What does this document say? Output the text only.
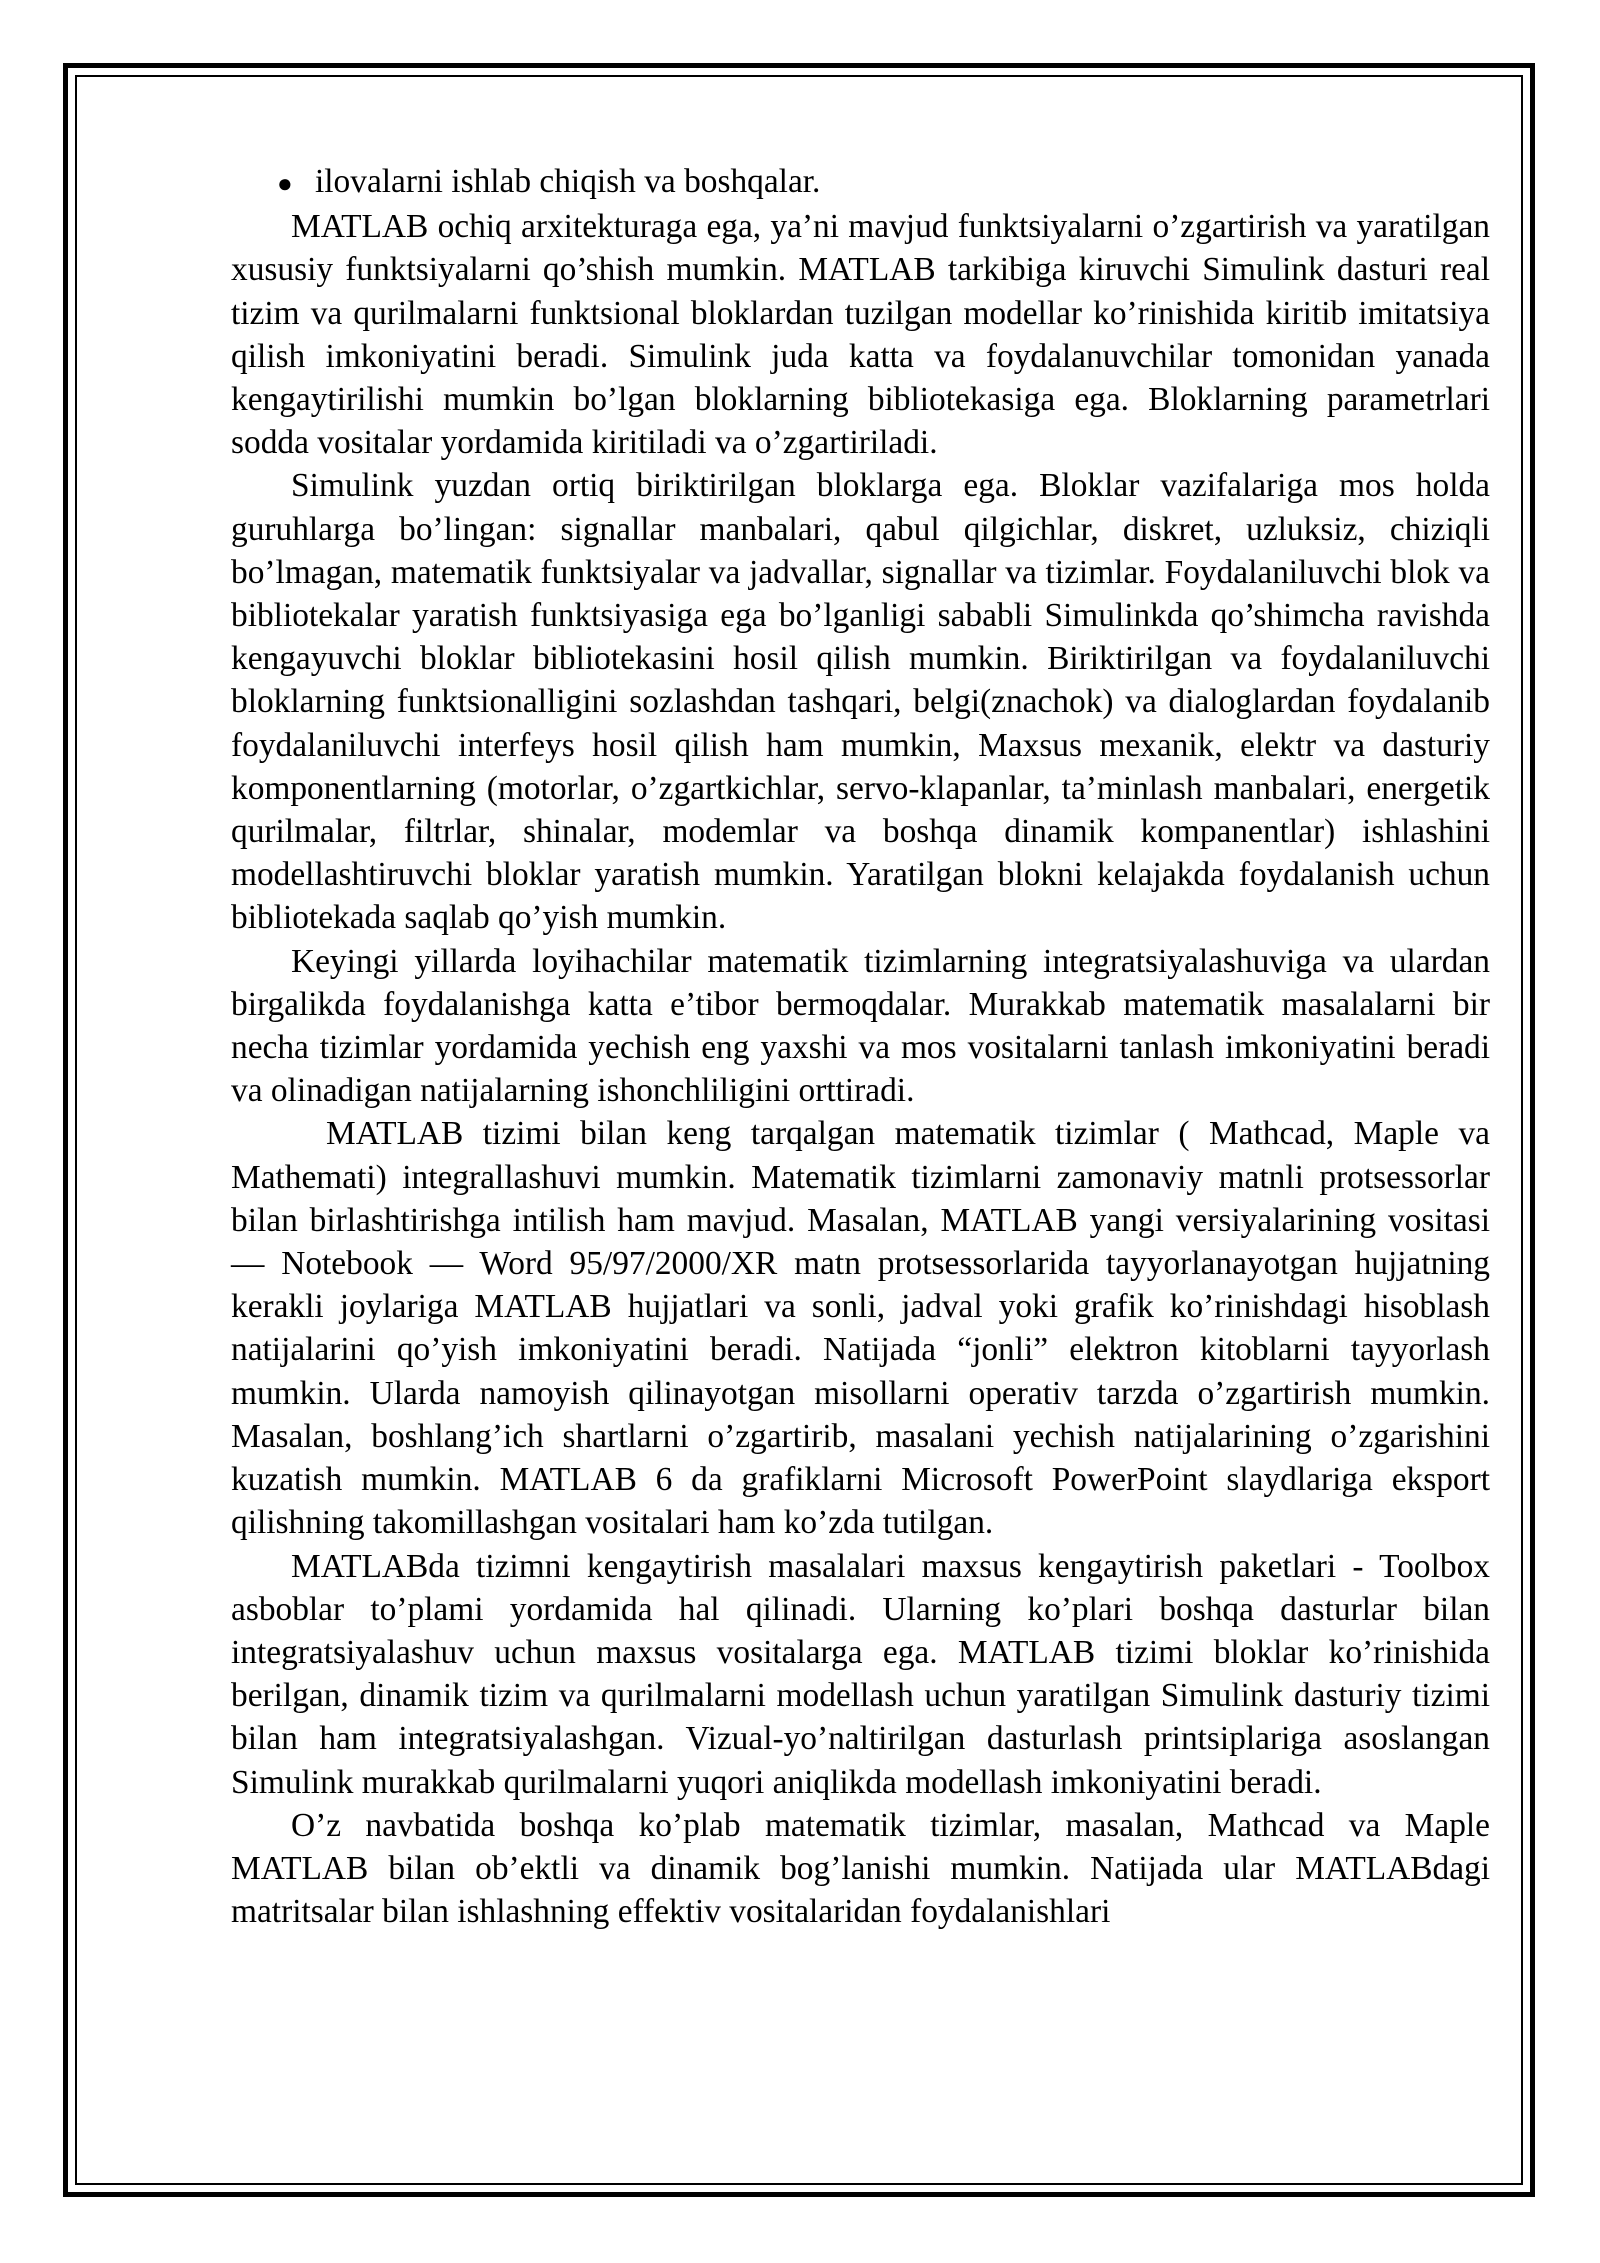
● ilovalarni ishlab chiqish va boshqalar.

MATLAB ochiq arxitekturaga ega, ya’ni mavjud funktsiyalarni o’zgartirish va yaratilgan xususiy funktsiyalarni qo’shish mumkin. MATLAB tarkibiga kiruvchi Simulink dasturi real tizim va qurilmalarni funktsional bloklardan tuzilgan modellar ko’rinishida kiritib imitatsiya qilish imkoniyatini beradi. Simulink juda katta va foydalanuvchilar tomonidan yanada kengaytirilishi mumkin bo’lgan bloklarning bibliotekasiga ega. Bloklarning parametrlari sodda vositalar yordamida kiritiladi va o’zgartiriladi.

Simulink yuzdan ortiq biriktirilgan bloklarga ega. Bloklar vazifalariga mos holda guruhlarga bo’lingan: signallar manbalari, qabul qilgichlar, diskret, uzluksiz, chiziqli bo’lmagan, matematik funktsiyalar va jadvallar, signallar va tizimlar. Foydalaniluvchi blok va bibliotekalar yaratish funktsiyasiga ega bo’lganligi sababli Simulinkda qo’shimcha ravishda kengayuvchi bloklar bibliotekasini hosil qilish mumkin. Biriktirilgan va foydalaniluvchi bloklarning funktsionalligini sozlashdan tashqari, belgi(znachok) va dialoglardan foydalanib foydalaniluvchi interfeys hosil qilish ham mumkin, Maxsus mexanik, elektr va dasturiy komponentlarning (motorlar, o’zgartkichlar, servo-klapanlar, ta’minlash manbalari, energetik qurilmalar, filtrlar, shinalar, modemlar va boshqa dinamik kompanentlar) ishlashini modellashtiruvchi bloklar yaratish mumkin. Yaratilgan blokni kelajakda foydalanish uchun bibliotekada saqlab qo’yish mumkin.

Keyingi yillarda loyihachilar matematik tizimlarning integratsiyalashuviga va ulardan birgalikda foydalanishga katta e’tibor bermoqdalar. Murakkab matematik masalalarni bir necha tizimlar yordamida yechish eng yaxshi va mos vositalarni tanlash imkoniyatini beradi va olinadigan natijalarning ishonchliligini orttiradi.

MATLAB tizimi bilan keng tarqalgan matematik tizimlar ( Mathcad, Maple va Mathemati) integrallashuvi mumkin. Matematik tizimlarni zamonaviy matnli protsessorlar bilan birlashtirishga intilish ham mavjud. Masalan, MATLAB yangi versiyalarining vositasi — Notebook — Word 95/97/2000/XR matn protsessorlarida tayyorlanayotgan hujjatning kerakli joylariga MATLAB hujjatlari va sonli, jadval yoki grafik ko’rinishdagi hisoblash natijalarini qo’yish imkoniyatini beradi. Natijada “jonli” elektron kitoblarni tayyorlash mumkin. Ularda namoyish qilinayotgan misollarni operativ tarzda o’zgartirish mumkin. Masalan, boshlang’ich shartlarni o’zgartirib, masalani yechish natijalarining o’zgarishini kuzatish mumkin. MATLAB 6 da grafiklarni Microsoft PowerPoint slaydlariga eksport qilishning takomillashgan vositalari ham ko’zda tutilgan.

MATLABda tizimni kengaytirish masalalari maxsus kengaytirish paketlari - Toolbox asboblar to’plami yordamida hal qilinadi. Ularning ko’plari boshqa dasturlar bilan integratsiyalashuv uchun maxsus vositalarga ega. MATLAB tizimi bloklar ko’rinishida berilgan, dinamik tizim va qurilmalarni modellash uchun yaratilgan Simulink dasturiy tizimi bilan ham integratsiyalashgan. Vizual-yo’naltirilgan dasturlash printsiplariga asoslangan Simulink murakkab qurilmalarni yuqori aniqlikda modellash imkoniyatini beradi.

O’z navbatida boshqa ko’plab matematik tizimlar, masalan, Mathcad va Maple MATLAB bilan ob’ektli va dinamik bog’lanishi mumkin. Natijada ular MATLABdagi matritsalar bilan ishlashning effektiv vositalaridan foydalanishlari
